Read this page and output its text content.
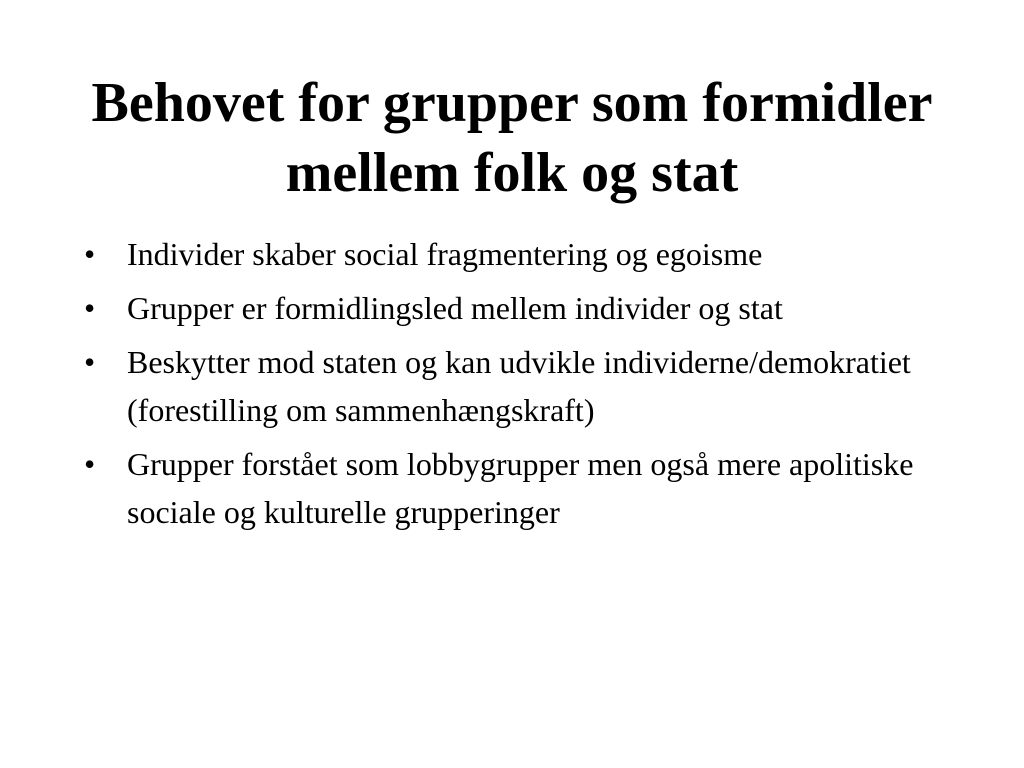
Behovet for grupper som formidler mellem folk og stat
• Individer skaber social fragmentering og egoisme
• Grupper er formidlingsled mellem individer og stat
• Beskytter mod staten og kan udvikle individerne/demokratiet (forestilling om sammenhængskraft)
• Grupper forstået som lobbygrupper men også mere apolitiske sociale og kulturelle grupperinger
